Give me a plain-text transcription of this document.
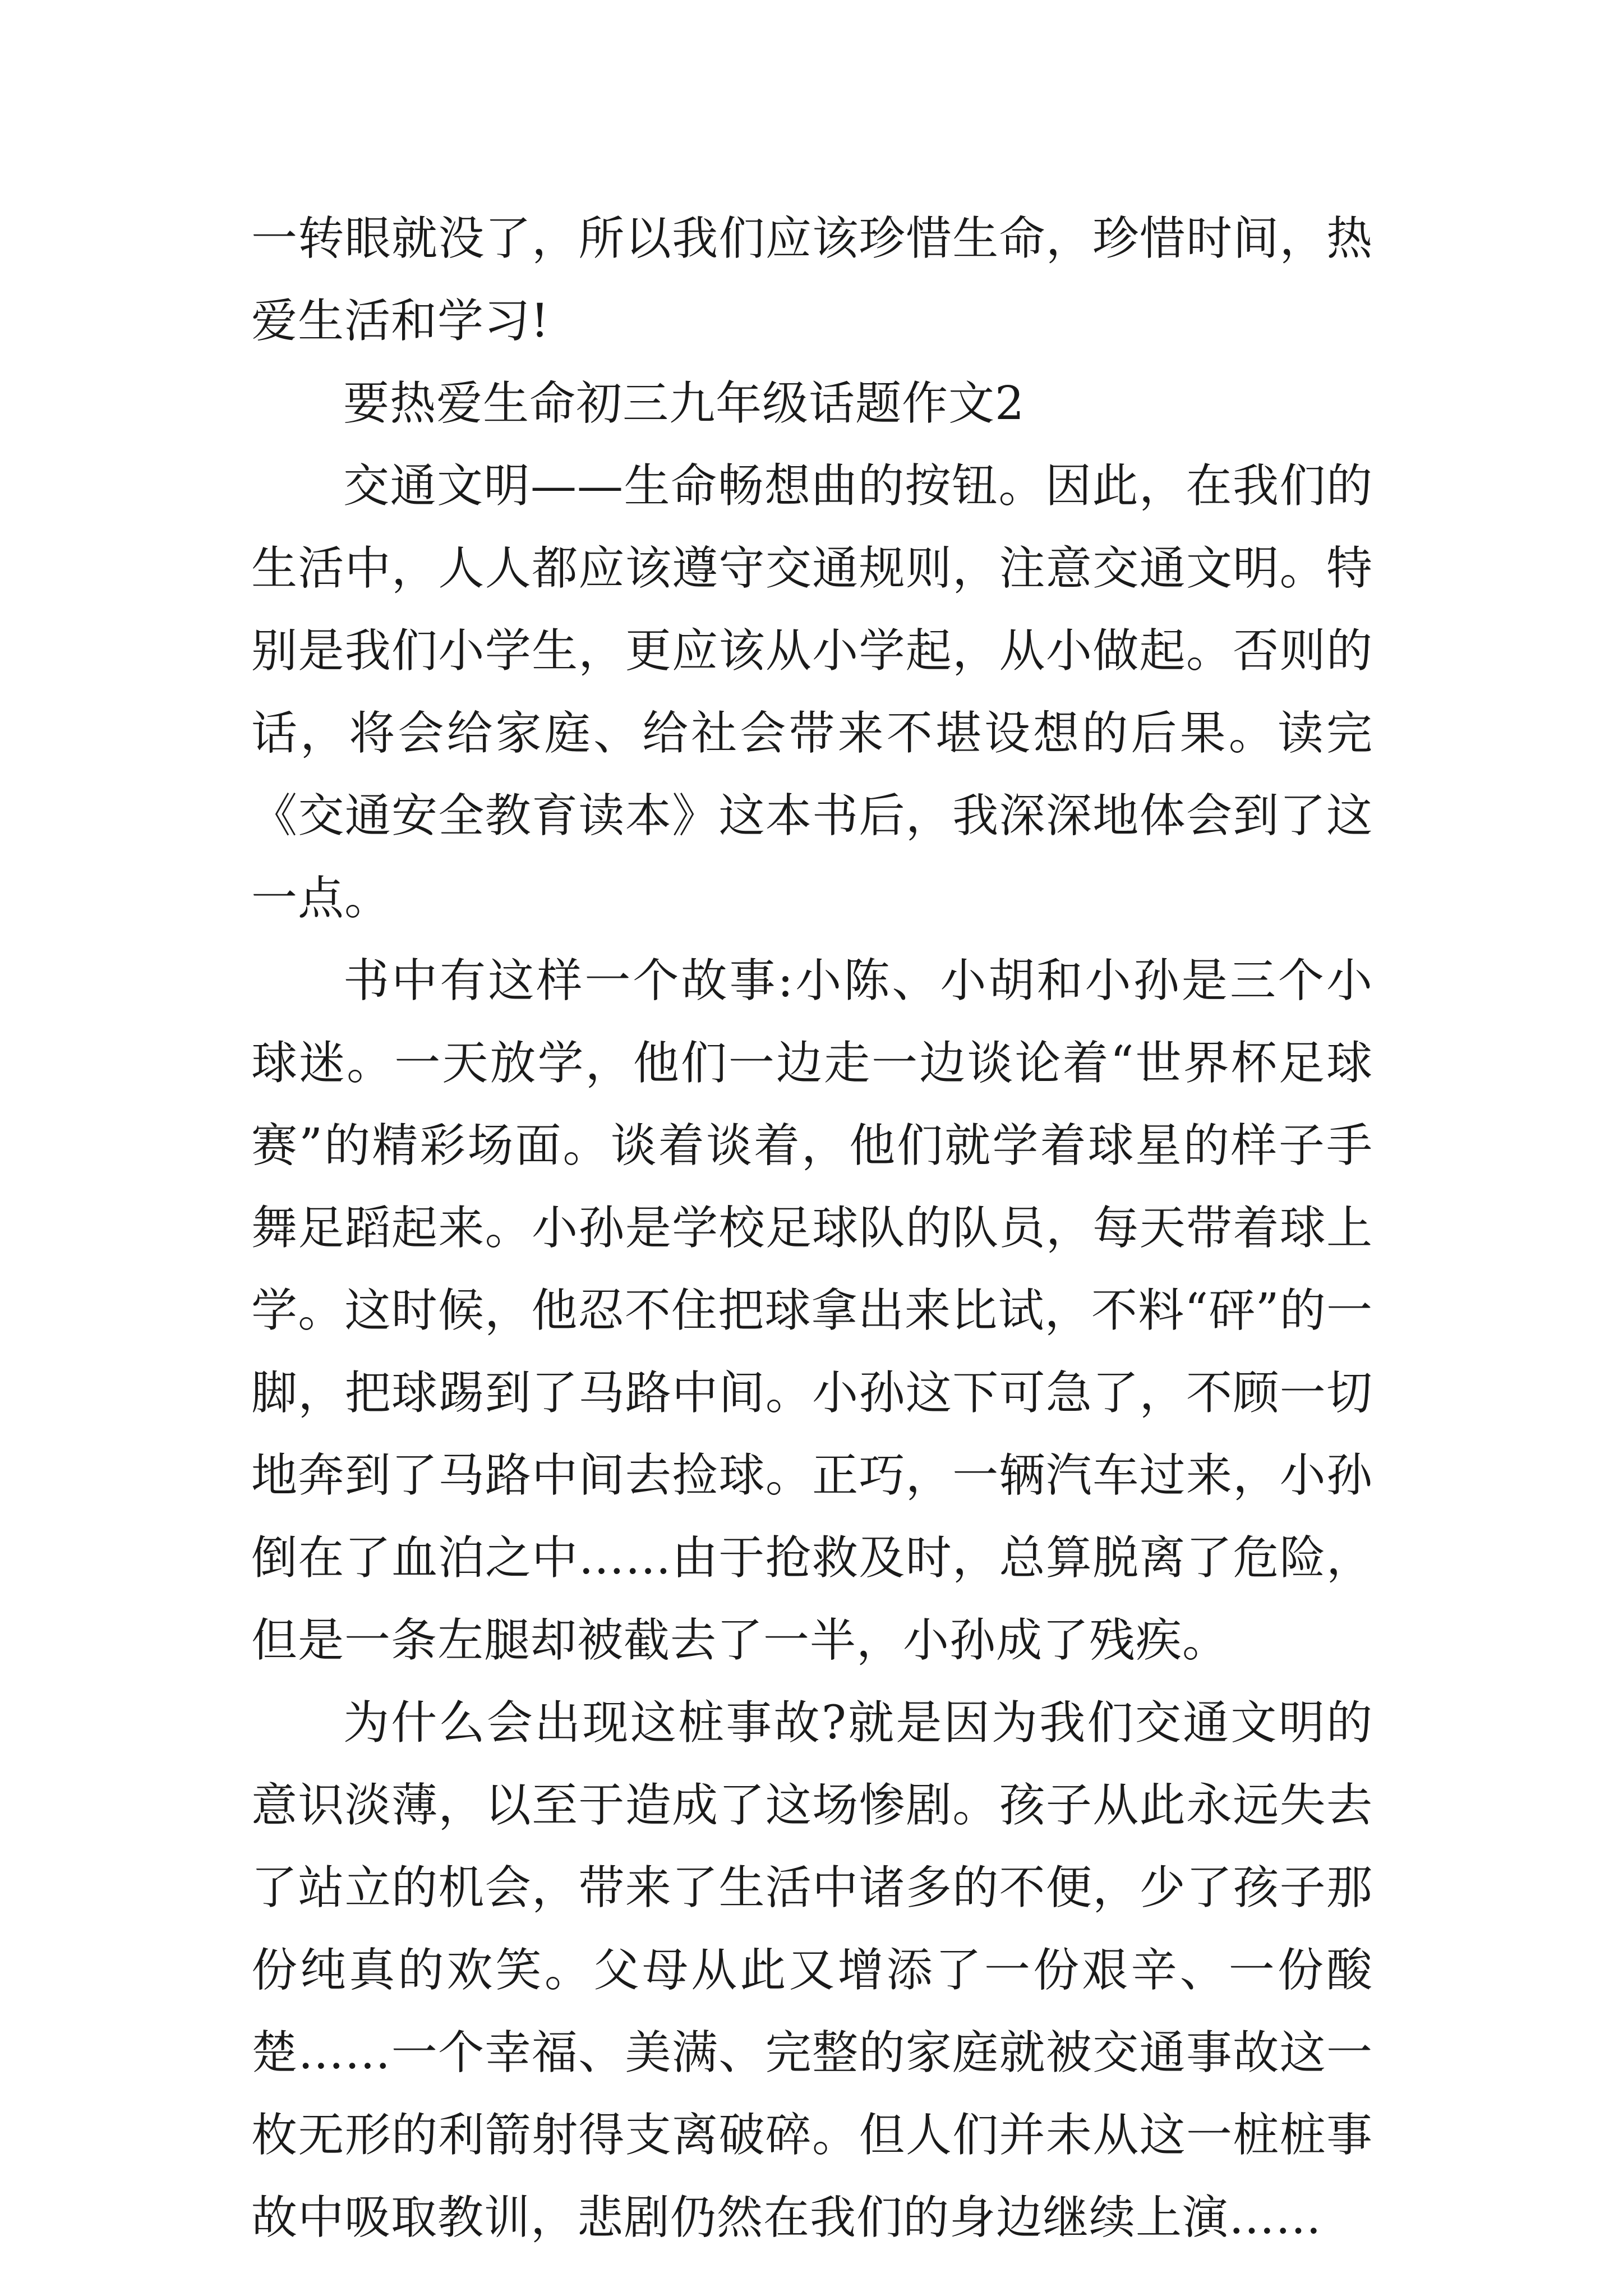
一转眼就没了，所以我们应该珍惜生命，珍惜时间，热爱生活和学习!

要热爱生命初三九年级话题作文2

交通文明——生命畅想曲的按钮。因此，在我们的生活中，人人都应该遵守交通规则，注意交通文明。特别是我们小学生，更应该从小学起，从小做起。否则的话，将会给家庭、给社会带来不堪设想的后果。读完《交通安全教育读本》这本书后，我深深地体会到了这一点。

书中有这样一个故事:小陈、小胡和小孙是三个小球迷。一天放学，他们一边走一边谈论着“世界杯足球赛”的精彩场面。谈着谈着，他们就学着球星的样子手舞足蹈起来。小孙是学校足球队的队员，每天带着球上学。这时候，他忍不住把球拿出来比试，不料“砰”的一脚，把球踢到了马路中间。小孙这下可急了，不顾一切地奔到了马路中间去捡球。正巧，一辆汽车过来，小孙倒在了血泊之中……由于抢救及时，总算脱离了危险，但是一条左腿却被截去了一半，小孙成了残疾。

为什么会出现这桩事故?就是因为我们交通文明的意识淡薄，以至于造成了这场惨剧。孩子从此永远失去了站立的机会，带来了生活中诸多的不便，少了孩子那份纯真的欢笑。父母从此又增添了一份艰辛、一份酸楚……一个幸福、美满、完整的家庭就被交通事故这一枚无形的利箭射得支离破碎。但人们并未从这一桩桩事故中吸取教训，悲剧仍然在我们的身边继续上演……
